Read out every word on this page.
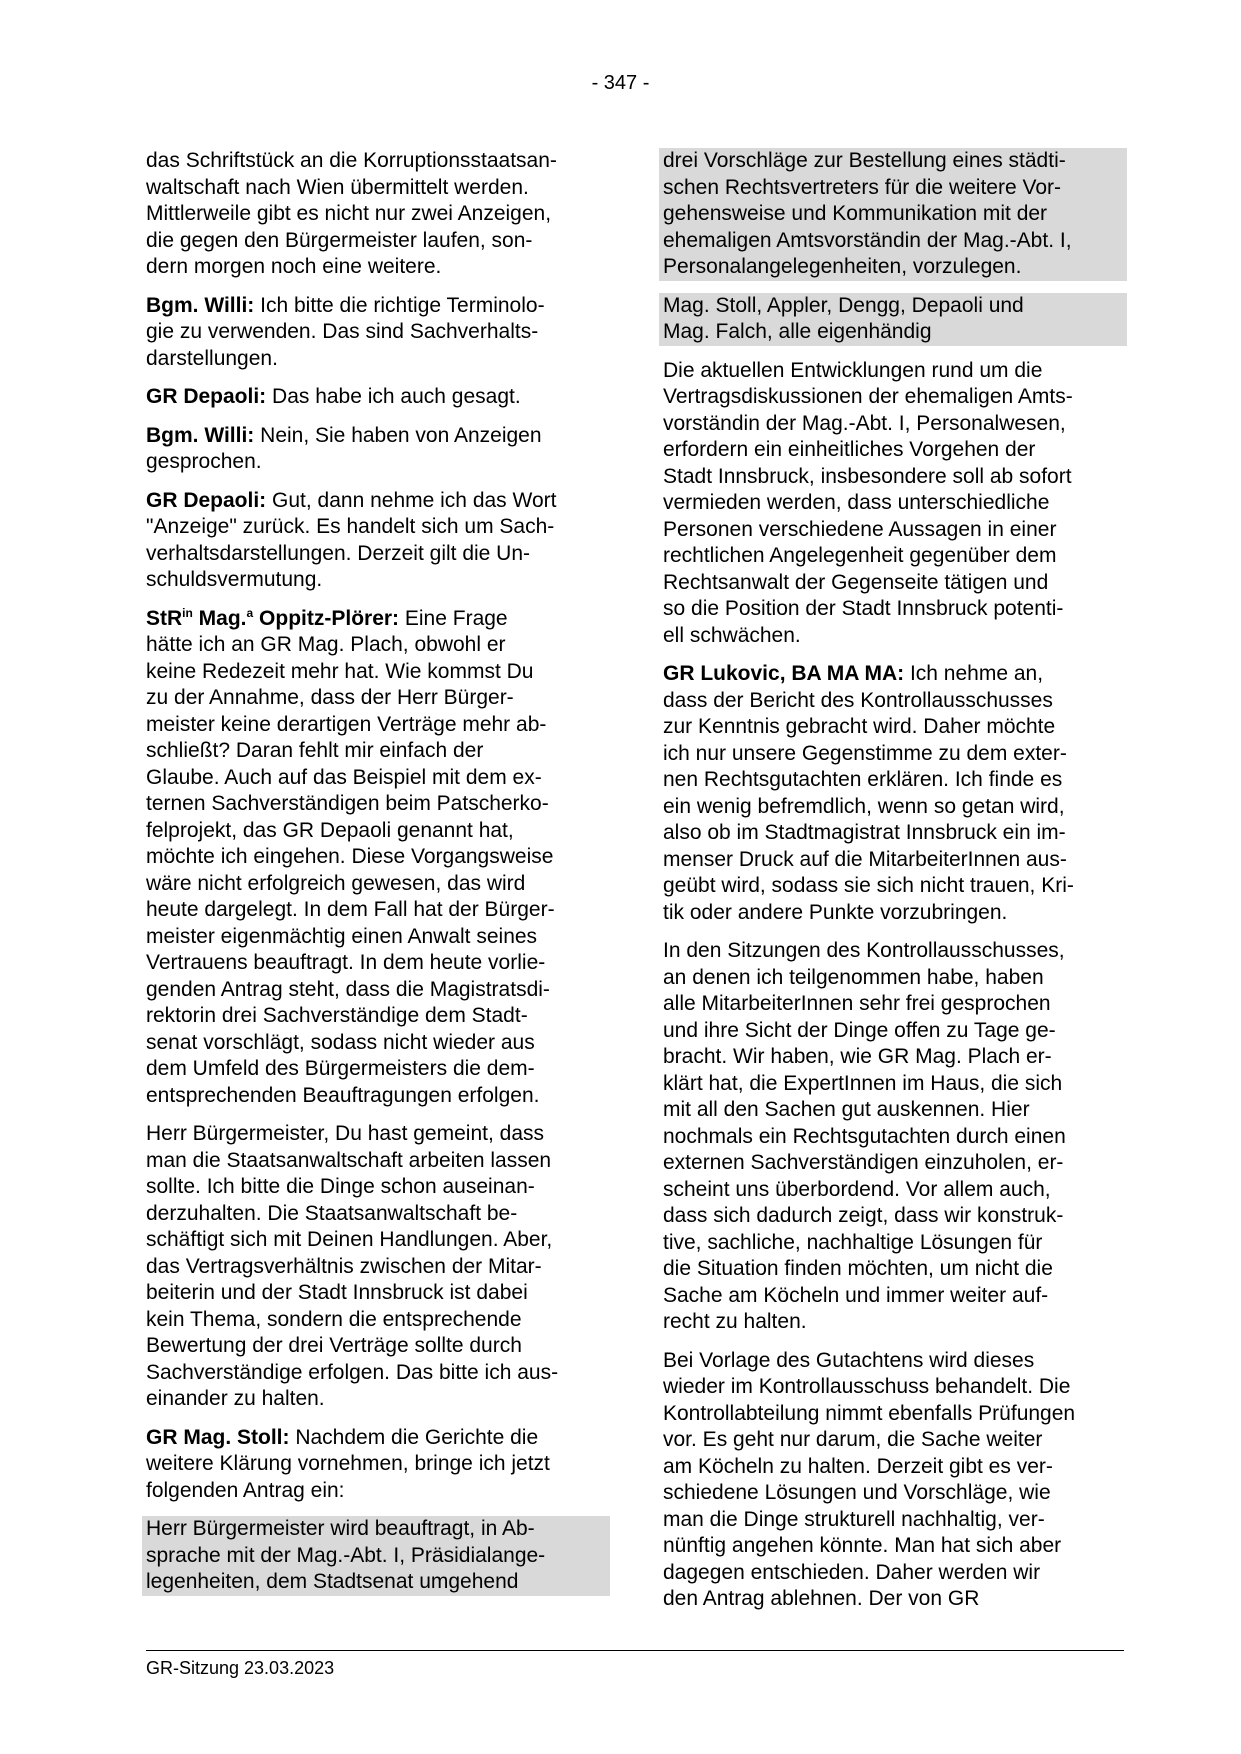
- 347 -
das Schriftstück an die Korruptionsstaatsan-
waltschaft nach Wien übermittelt werden.
Mittlerweile gibt es nicht nur zwei Anzeigen,
die gegen den Bürgermeister laufen, son-
dern morgen noch eine weitere.
Bgm. Willi: Ich bitte die richtige Terminolo-
gie zu verwenden. Das sind Sachverhalts-
darstellungen.
GR Depaoli: Das habe ich auch gesagt.
Bgm. Willi: Nein, Sie haben von Anzeigen
gesprochen.
GR Depaoli: Gut, dann nehme ich das Wort
"Anzeige" zurück. Es handelt sich um Sach-
verhaltsdarstellungen. Derzeit gilt die Un-
schuldsvermutung.
StR$^{in}$ Mag.$^a$ Oppitz-Plörer: Eine Frage
hätte ich an GR Mag. Plach, obwohl er
keine Redezeit mehr hat. Wie kommst Du
zu der Annahme, dass der Herr Bürger-
meister keine derartigen Verträge mehr ab-
schließt? Daran fehlt mir einfach der
Glaube. Auch auf das Beispiel mit dem ex-
ternen Sachverständigen beim Patscherko-
felprojekt, das GR Depaoli genannt hat,
möchte ich eingehen. Diese Vorgangsweise
wäre nicht erfolgreich gewesen, das wird
heute dargelegt. In dem Fall hat der Bürger-
meister eigenmächtig einen Anwalt seines
Vertrauens beauftragt. In dem heute vorlie-
genden Antrag steht, dass die Magistratsdi-
rektorin drei Sachverständige dem Stadt-
senat vorschlägt, sodass nicht wieder aus
dem Umfeld des Bürgermeisters die dem-
entsprechenden Beauftragungen erfolgen.
Herr Bürgermeister, Du hast gemeint, dass
man die Staatsanwaltschaft arbeiten lassen
sollte. Ich bitte die Dinge schon auseinan-
derzuhalten. Die Staatsanwaltschaft be-
schäftigt sich mit Deinen Handlungen. Aber,
das Vertragsverhältnis zwischen der Mitar-
beiterin und der Stadt Innsbruck ist dabei
kein Thema, sondern die entsprechende
Bewertung der drei Verträge sollte durch
Sachverständige erfolgen. Das bitte ich aus-
einander zu halten.
GR Mag. Stoll: Nachdem die Gerichte die
weitere Klärung vornehmen, bringe ich jetzt
folgenden Antrag ein:
Herr Bürgermeister wird beauftragt, in Ab-
sprache mit der Mag.-Abt. I, Präsidialange-
legenheiten, dem Stadtsenat umgehend
drei Vorschläge zur Bestellung eines städti-
schen Rechtsvertreters für die weitere Vor-
gehensweise und Kommunikation mit der
ehemaligen Amtsvorständin der Mag.-Abt. I,
Personalangelegenheiten, vorzulegen.
Mag. Stoll, Appler, Dengg, Depaoli und
Mag. Falch, alle eigenhändig
Die aktuellen Entwicklungen rund um die
Vertragsdiskussionen der ehemaligen Amts-
vorständin der Mag.-Abt. I, Personalwesen,
erfordern ein einheitliches Vorgehen der
Stadt Innsbruck, insbesondere soll ab sofort
vermieden werden, dass unterschiedliche
Personen verschiedene Aussagen in einer
rechtlichen Angelegenheit gegenüber dem
Rechtsanwalt der Gegenseite tätigen und
so die Position der Stadt Innsbruck potenti-
ell schwächen.
GR Lukovic, BA MA MA: Ich nehme an,
dass der Bericht des Kontrollausschusses
zur Kenntnis gebracht wird. Daher möchte
ich nur unsere Gegenstimme zu dem exter-
nen Rechtsgutachten erklären. Ich finde es
ein wenig befremdlich, wenn so getan wird,
also ob im Stadtmagistrat Innsbruck ein im-
menser Druck auf die MitarbeiterInnen aus-
geübt wird, sodass sie sich nicht trauen, Kri-
tik oder andere Punkte vorzubringen.
In den Sitzungen des Kontrollausschusses,
an denen ich teilgenommen habe, haben
alle MitarbeiterInnen sehr frei gesprochen
und ihre Sicht der Dinge offen zu Tage ge-
bracht. Wir haben, wie GR Mag. Plach er-
klärt hat, die ExpertInnen im Haus, die sich
mit all den Sachen gut auskennen. Hier
nochmals ein Rechtsgutachten durch einen
externen Sachverständigen einzuholen, er-
scheint uns überbordend. Vor allem auch,
dass sich dadurch zeigt, dass wir konstruk-
tive, sachliche, nachhaltige Lösungen für
die Situation finden möchten, um nicht die
Sache am Köcheln und immer weiter auf-
recht zu halten.
Bei Vorlage des Gutachtens wird dieses
wieder im Kontrollausschuss behandelt. Die
Kontrollabteilung nimmt ebenfalls Prüfungen
vor. Es geht nur darum, die Sache weiter
am Köcheln zu halten. Derzeit gibt es ver-
schiedene Lösungen und Vorschläge, wie
man die Dinge strukturell nachhaltig, ver-
nünftig angehen könnte. Man hat sich aber
dagegen entschieden. Daher werden wir
den Antrag ablehnen. Der von GR
GR-Sitzung 23.03.2023
